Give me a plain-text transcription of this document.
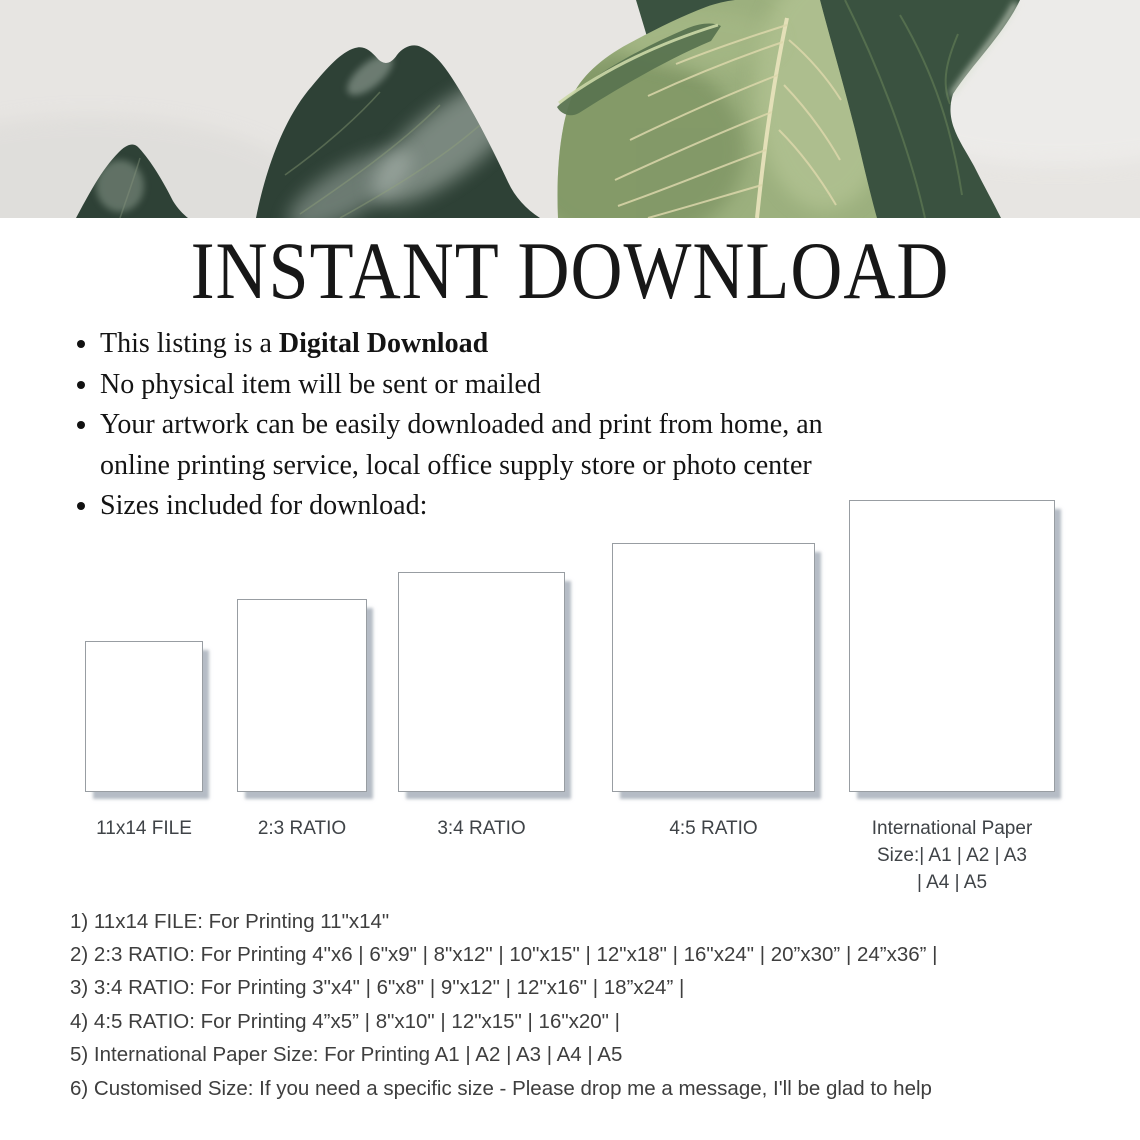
INSTANT DOWNLOAD
This listing is a Digital Download
No physical item will be sent or mailed
Your artwork can be easily downloaded and print from home, an
online printing service, local office supply store or photo center
Sizes included for download:
11x14 FILE	2:3 RATIO	3:4 RATIO	4:5 RATIO	International Paper
Size:| A1 | A2 | A3
| A4 | A5
1) 11x14 FILE: For Printing 11"x14"
2) 2:3 RATIO: For Printing 4"x6 | 6"x9" | 8"x12" | 10"x15" | 12"x18" | 16"x24" | 20”x30” | 24”x36” |
3) 3:4 RATIO: For Printing 3"x4" | 6"x8" | 9"x12" | 12"x16" | 18”x24” |
4) 4:5 RATIO: For Printing 4”x5” | 8"x10" | 12"x15" | 16"x20" |
5) International Paper Size: For Printing A1 | A2 | A3 | A4 | A5
6) Customised Size: If you need a specific size - Please drop me a message, I'll be glad to help
